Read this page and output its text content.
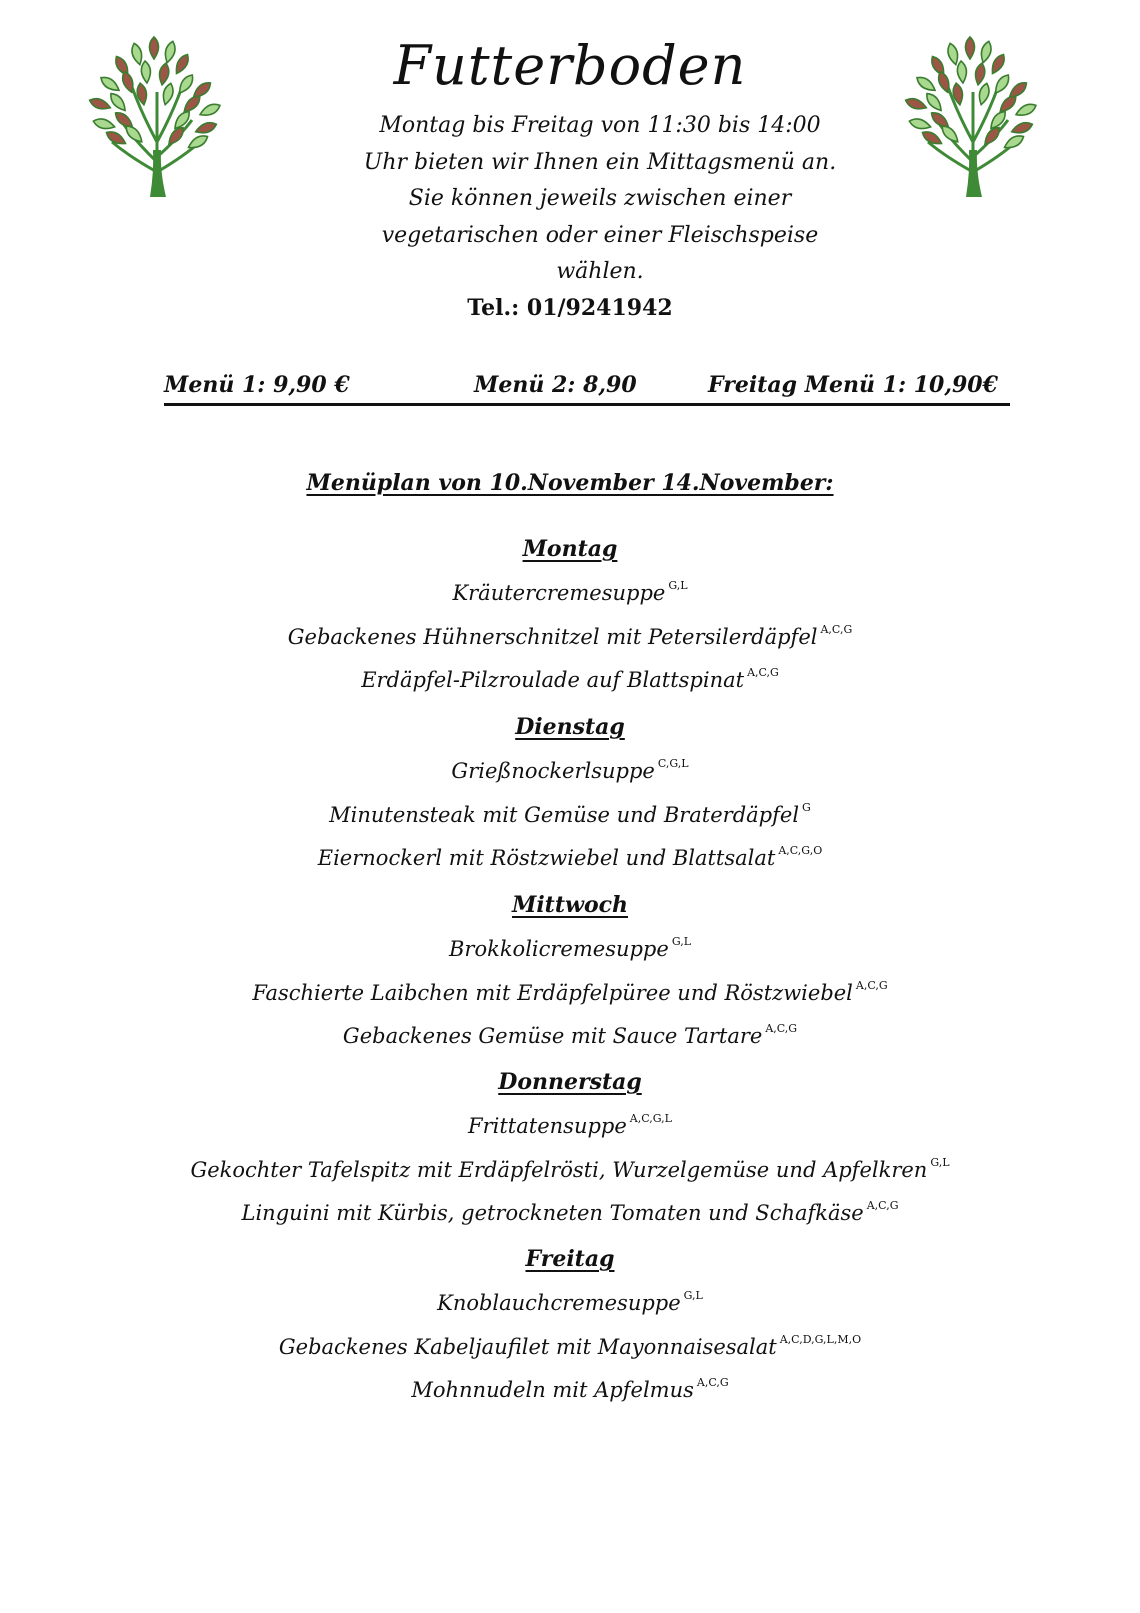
Futterboden
Montag bis Freitag von 11:30 bis 14:00
Uhr bieten wir Ihnen ein Mittagsmenü an.
Sie können jeweils zwischen einer
vegetarischen oder einer Fleischspeise
wählen.
Tel.: 01/9241942
Menü 1: 9,90 €	Menü 2: 8,90	Freitag Menü 1: 10,90€
Menüplan von 10.November 14.November:
Montag
Kräutercremesuppe $^{G,L}$
Gebackenes Hühnerschnitzel mit Petersilerdäpfel $^{A,C,G}$
Erdäpfel-Pilzroulade auf Blattspinat $^{A,C,G}$
Dienstag
Grießnockerlsuppe $^{C,G,L}$
Minutensteak mit Gemüse und Braterdäpfel $^G$
Eiernockerl mit Röstzwiebel und Blattsalat $^{A,C,G,O}$
Mittwoch
Brokkolicremesuppe $^{G,L}$
Faschierte Laibchen mit Erdäpfelpüree und Röstzwiebel $^{A,C,G}$
Gebackenes Gemüse mit Sauce Tartare $^{A,C,G}$
Donnerstag
Frittatensuppe $^{A,C,G,L}$
Gekochter Tafelspitz mit Erdäpfelrösti, Wurzelgemüse und Apfelkren $^{G,L}$
Linguini mit Kürbis, getrockneten Tomaten und Schafkäse $^{A,C,G}$
Freitag
Knoblauchcremesuppe $^{G,L}$
Gebackenes Kabeljaufilet mit Mayonnaisesalat $^{A,C,D,G,L,M,O}$
Mohnnudeln mit Apfelmus $^{A,C,G}$
